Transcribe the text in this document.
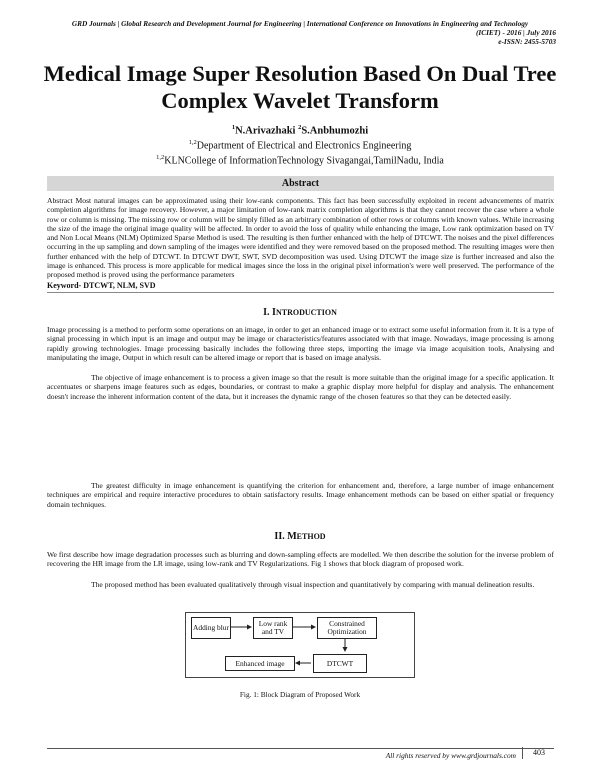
GRD Journals | Global Research and Development Journal for Engineering | International Conference on Innovations in Engineering and Technology
(ICIET) - 2016 | July 2016
e-ISSN: 2455-5703
Medical Image Super Resolution Based On Dual Tree Complex Wavelet Transform
$^1$N.Arivazhaki $^2$S.Anbhumozhi
$^{1,2}$Department of Electrical and Electronics Engineering
$^{1,2}$KLNCollege of InformationTechnology Sivagangai,TamilNadu, India
Abstract
Abstract Most natural images can be approximated using their low-rank components. This fact has been successfully exploited in recent advancements of matrix completion algorithms for image recovery. However, a major limitation of low-rank matrix completion algorithms is that they cannot recover the case where a whole row or column is missing. The missing row or column will be simply filled as an arbitrary combination of other rows or columns with known values. While increasing the size of the image the original image quality will be affected. In order to avoid the loss of quality while enhancing the image, Low rank optimization based on TV and Non Local Means (NLM) Optimized Sparse Method is used. The resulting is then further enhanced with the help of DTCWT. The noises and the pixel differences occurring in the up sampling and down sampling of the images were identified and they were removed based on the proposed method. The resulting images were then further enhanced with the help of DTCWT. In DTCWT DWT, SWT, SVD decomposition was used. Using DTCWT the image size is further increased and also the image is enhanced. This process is more applicable for medical images since the loss in the original pixel information's were well preserved. The performance of the proposed method is proved using the performance parameters
Keyword- DTCWT, NLM, SVD
I. INTRODUCTION
Image processing is a method to perform some operations on an image, in order to get an enhanced image or to extract some useful information from it. It is a type of signal processing in which input is an image and output may be image or characteristics/features associated with that image. Nowadays, image processing is among rapidly growing technologies. Image processing basically includes the following three steps, importing the image via image acquisition tools, Analysing and manipulating the image, Output in which result can be altered image or report that is based on image analysis.
The objective of image enhancement is to process a given image so that the result is more suitable than the original image for a specific application. It accentuates or sharpens image features such as edges, boundaries, or contrast to make a graphic display more helpful for display and analysis. The enhancement doesn't increase the inherent information content of the data, but it increases the dynamic range of the chosen features so that they can be detected easily.
The greatest difficulty in image enhancement is quantifying the criterion for enhancement and, therefore, a large number of image enhancement techniques are empirical and require interactive procedures to obtain satisfactory results. Image enhancement methods can be based on either spatial or frequency domain techniques.
II. METHOD
We first describe how image degradation processes such as blurring and down-sampling effects are modelled. We then describe the solution for the inverse problem of recovering the HR image from the LR image, using low-rank and TV Regularizations. Fig 1 shows that block diagram of proposed work.
The proposed method has been evaluated qualitatively through visual inspection and quantitatively by comparing with manual delineation results.
Adding blur	Low rank and TV
Constrained Optimization
Enhanced image	DTCWT
Fig. 1: Block Diagram of Proposed Work
All rights reserved by www.grdjournals.com	403
